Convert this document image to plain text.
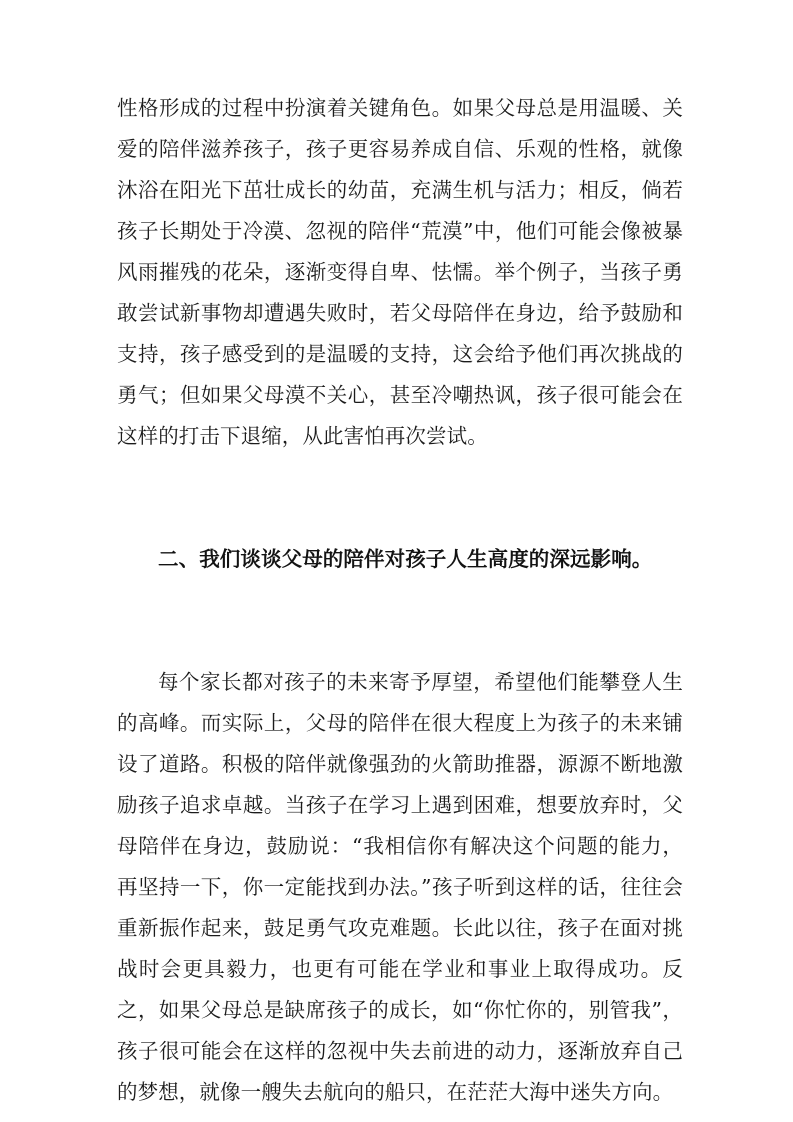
性格形成的过程中扮演着关键角色。如果父母总是用温暖、关爱的陪伴滋养孩子，孩子更容易养成自信、乐观的性格，就像沐浴在阳光下茁壮成长的幼苗，充满生机与活力；相反，倘若孩子长期处于冷漠、忽视的陪伴“荒漠”中，他们可能会像被暴风雨摧残的花朵，逐渐变得自卑、怯懦。举个例子，当孩子勇敢尝试新事物却遭遇失败时，若父母陪伴在身边，给予鼓励和支持，孩子感受到的是温暖的支持，这会给予他们再次挑战的勇气；但如果父母漠不关心，甚至冷嘲热讽，孩子很可能会在这样的打击下退缩，从此害怕再次尝试。

二、我们谈谈父母的陪伴对孩子人生高度的深远影响。

每个家长都对孩子的未来寄予厚望，希望他们能攀登人生的高峰。而实际上，父母的陪伴在很大程度上为孩子的未来铺设了道路。积极的陪伴就像强劲的火箭助推器，源源不断地激励孩子追求卓越。当孩子在学习上遇到困难，想要放弃时，父母陪伴在身边，鼓励说：“我相信你有解决这个问题的能力，再坚持一下，你一定能找到办法。”孩子听到这样的话，往往会重新振作起来，鼓足勇气攻克难题。长此以往，孩子在面对挑战时会更具毅力，也更有可能在学业和事业上取得成功。反之，如果父母总是缺席孩子的成长，如“你忙你的，别管我”，孩子很可能会在这样的忽视中失去前进的动力，逐渐放弃自己的梦想，就像一艘失去航向的船只，在茫茫大海中迷失方向。
